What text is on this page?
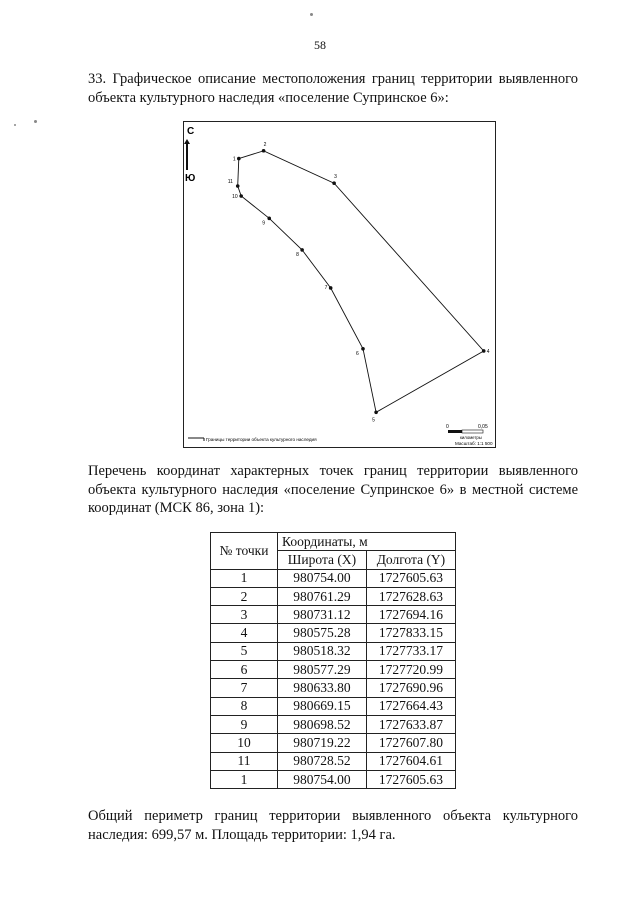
58
33. Графическое описание местоположения границ территории выявленного объекта культурного наследия «поселение Супринское 6»:
С
Ю
1
2
3
4
5
6
7
8
9
10
11
Границы территории объекта культурного наследия
0	0,05
километры
Масштаб: 1:1 500
Перечень координат характерных точек границ территории выявленного объекта культурного наследия «поселение Супринское 6» в местной системе координат (МСК 86, зона 1):
№ точки	Координаты, м	
	Широта (X)	Долгота (Y)
1	980754.00	1727605.63
2	980761.29	1727628.63
3	980731.12	1727694.16
4	980575.28	1727833.15
5	980518.32	1727733.17
6	980577.29	1727720.99
7	980633.80	1727690.96
8	980669.15	1727664.43
9	980698.52	1727633.87
10	980719.22	1727607.80
11	980728.52	1727604.61
1	980754.00	1727605.63
Общий периметр границ территории выявленного объекта культурного наследия: 699,57 м. Площадь территории: 1,94 га.
